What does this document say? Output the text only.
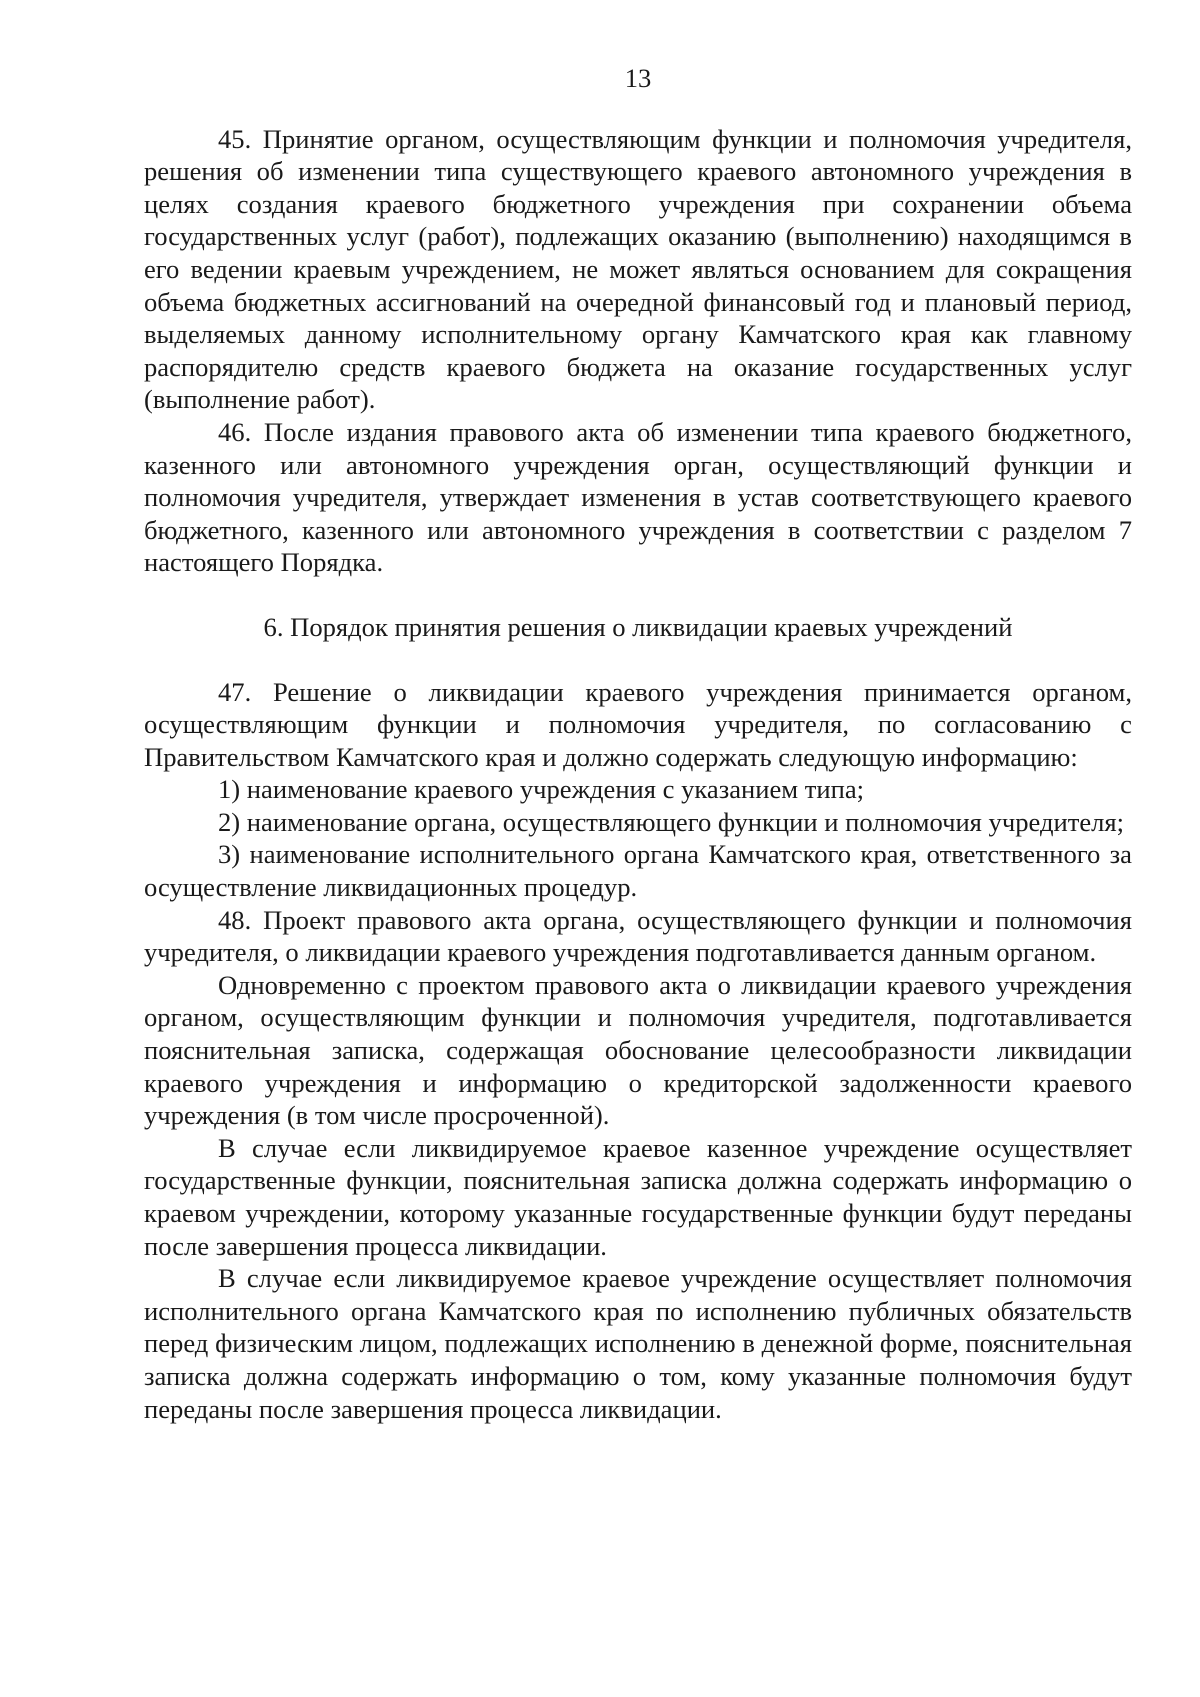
13

45. Принятие органом, осуществляющим функции и полномочия учредителя, решения об изменении типа существующего краевого автономного учреждения в целях создания краевого бюджетного учреждения при сохранении объема государственных услуг (работ), подлежащих оказанию (выполнению) находящимся в его ведении краевым учреждением, не может являться основанием для сокращения объема бюджетных ассигнований на очередной финансовый год и плановый период, выделяемых данному исполнительному органу Камчатского края как главному распорядителю средств краевого бюджета на оказание государственных услуг (выполнение работ).

46. После издания правового акта об изменении типа краевого бюджетного, казенного или автономного учреждения орган, осуществляющий функции и полномочия учредителя, утверждает изменения в устав соответствующего краевого бюджетного, казенного или автономного учреждения в соответствии с разделом 7 настоящего Порядка.

6. Порядок принятия решения о ликвидации краевых учреждений

47. Решение о ликвидации краевого учреждения принимается органом, осуществляющим функции и полномочия учредителя, по согласованию с Правительством Камчатского края и должно содержать следующую информацию:

1) наименование краевого учреждения с указанием типа;

2) наименование органа, осуществляющего функции и полномочия учредителя;

3) наименование исполнительного органа Камчатского края, ответственного за осуществление ликвидационных процедур.

48. Проект правового акта органа, осуществляющего функции и полномочия учредителя, о ликвидации краевого учреждения подготавливается данным органом.

Одновременно с проектом правового акта о ликвидации краевого учреждения органом, осуществляющим функции и полномочия учредителя, подготавливается пояснительная записка, содержащая обоснование целесообразности ликвидации краевого учреждения и информацию о кредиторской задолженности краевого учреждения (в том числе просроченной).

В случае если ликвидируемое краевое казенное учреждение осуществляет государственные функции, пояснительная записка должна содержать информацию о краевом учреждении, которому указанные государственные функции будут переданы после завершения процесса ликвидации.

В случае если ликвидируемое краевое учреждение осуществляет полномочия исполнительного органа Камчатского края по исполнению публичных обязательств перед физическим лицом, подлежащих исполнению в денежной форме, пояснительная записка должна содержать информацию о том, кому указанные полномочия будут переданы после завершения процесса ликвидации.
